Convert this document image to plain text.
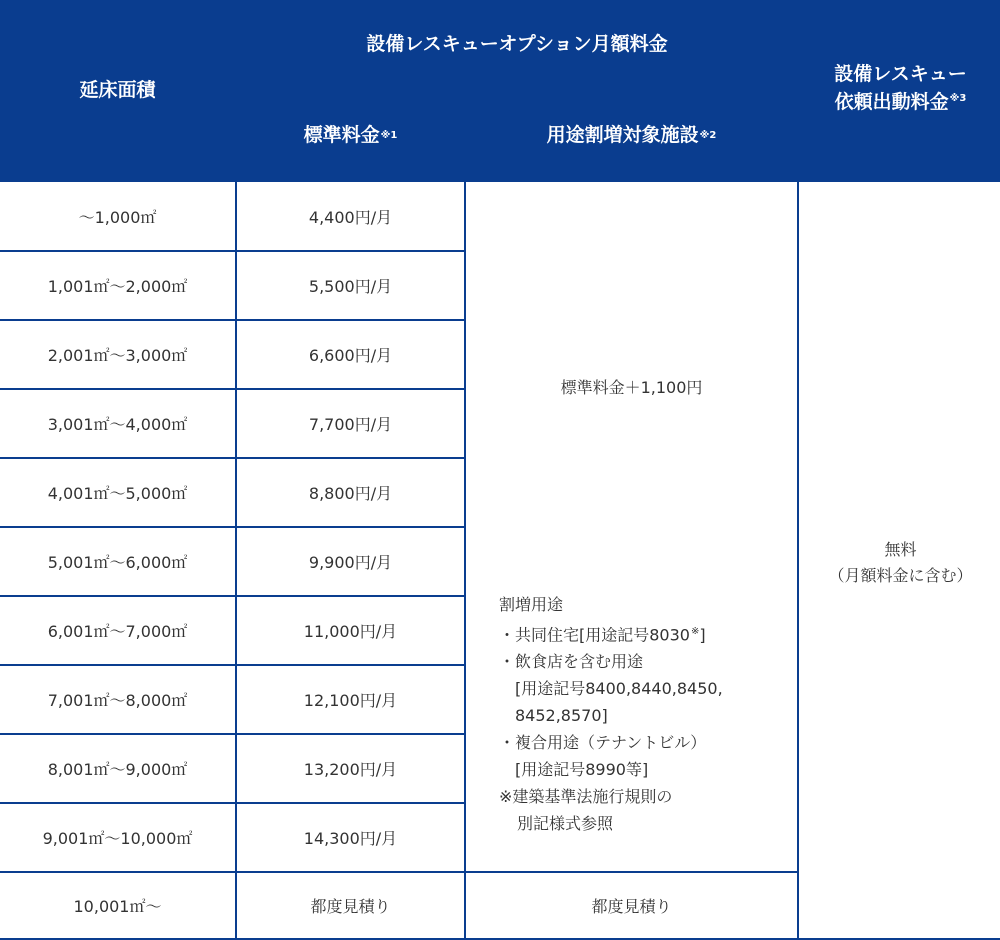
延床面積
設備レスキューオプション月額料金
設備レスキュー
依頼出動料金$^{※3}$
標準料金 ※1	用途割増対象施設 ※2
〜1,000㎡
1,001㎡〜2,000㎡
2,001㎡〜3,000㎡
3,001㎡〜4,000㎡
4,001㎡〜5,000㎡
5,001㎡〜6,000㎡
6,001㎡〜7,000㎡
7,001㎡〜8,000㎡
8,001㎡〜9,000㎡
9,001㎡〜10,000㎡
10,001㎡〜
4,400円/月
5,500円/月
6,600円/月
7,700円/月
8,800円/月
9,900円/月
11,000円/月
12,100円/月
13,200円/月
14,300円/月
都度見積り
標準料金＋1,100円
割増用途
・共同住宅[用途記号8030※]
・飲食店を含む用途
[用途記号8400,8440,8450,
8452,8570]
・複合用途（テナントビル）
[用途記号8990等]
※建築基準法施行規則の
別記様式参照
都度見積り
無料
（月額料金に含む）
